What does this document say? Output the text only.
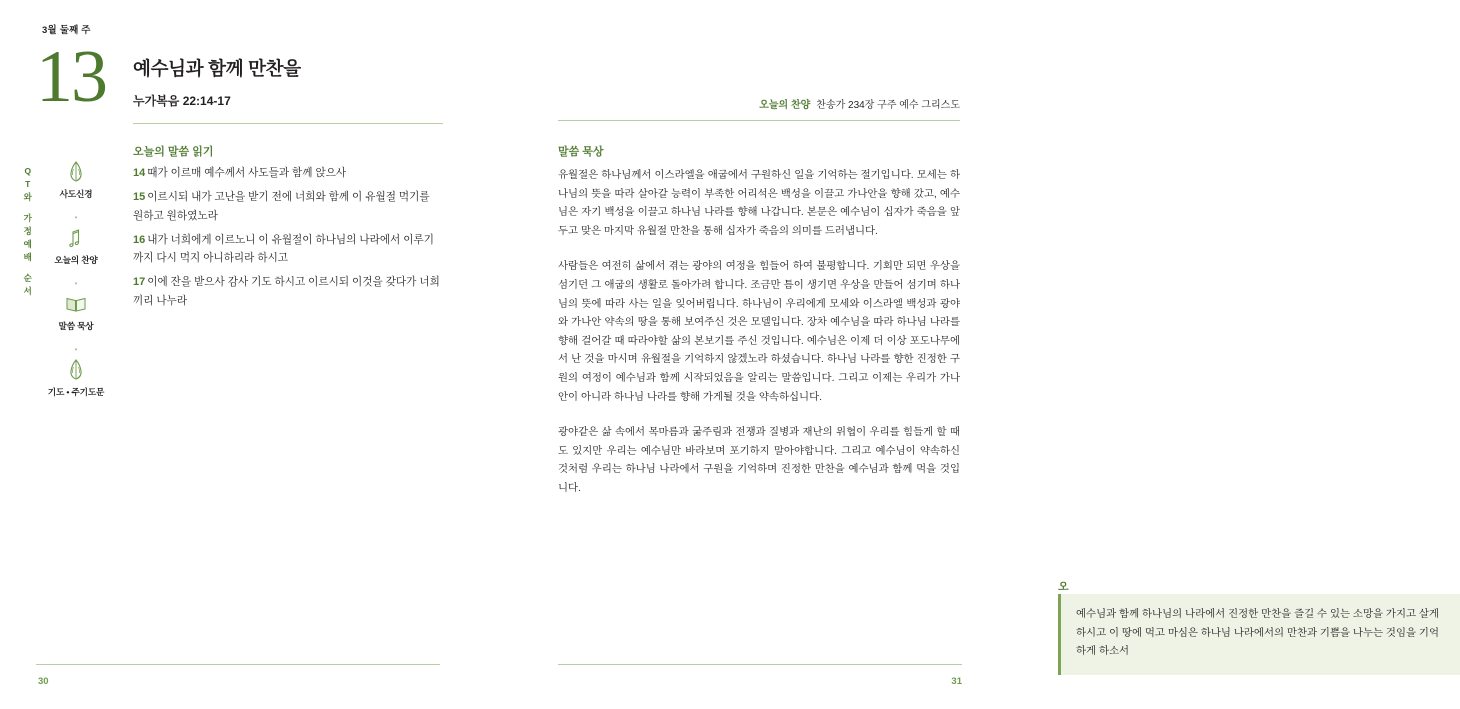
3월 둘째 주
13 예수님과 함께 만찬을
누가복음 22:14-17
Q
T
와

가
정
예
배

순
서
사도신경
•
오늘의 찬양
•
말씀 묵상
•
기도 • 주기도문
오늘의 말씀 읽기
14 때가 이르매 예수께서 사도들과 함께 앉으사
15 이르시되 내가 고난을 받기 전에 너희와 함께 이 유월절 먹기를 원하고 원하였노라
16 내가 너희에게 이르노니 이 유월절이 하나님의 나라에서 이루기까지 다시 먹지 아니하리라 하시고
17 이에 잔을 받으사 감사 기도 하시고 이르시되 이것을 갖다가 너희끼리 나누라
오늘의 찬양 찬송가 234장 구주 예수 그리스도
말씀 묵상

유월절은 하나님께서 이스라엘을 애굽에서 구원하신 일을 기억하는 절기입니다. 모세는 하나님의 뜻을 따라 살아갈 능력이 부족한 어리석은 백성을 이끌고 가나안을 향해 갔고, 예수님은 자기 백성을 이끌고 하나님 나라를 향해 나갑니다. 본문은 예수님이 십자가 죽음을 앞두고 맞은 마지막 유월절 만찬을 통해 십자가 죽음의 의미를 드러냅니다.

사람들은 여전히 삶에서 겪는 광야의 여정을 힘들어 하여 불평합니다. 기회만 되면 우상을 섬기던 그 애굽의 생활로 돌아가려 합니다. 조금만 틈이 생기면 우상을 만들어 섬기며 하나님의 뜻에 따라 사는 일을 잊어버립니다. 하나님이 우리에게 모세와 이스라엘 백성과 광야와 가나안 약속의 땅을 통해 보여주신 것은 모델입니다. 장차 예수님을 따라 하나님 나라를 향해 걸어갈 때 따라야할 삶의 본보기를 주신 것입니다. 예수님은 이제 더 이상 포도나무에서 난 것을 마시며 유월절을 기억하지 않겠노라 하셨습니다. 하나님 나라를 향한 진정한 구원의 여정이 예수님과 함께 시작되었음을 알리는 말씀입니다. 그리고 이제는 우리가 가나안이 아니라 하나님 나라를 향해 가게될 것을 약속하십니다.

광야같은 삶 속에서 목마름과 굶주림과 전쟁과 질병과 재난의 위협이 우리를 힘들게 할 때도 있지만 우리는 예수님만 바라보며 포기하지 말아야합니다. 그리고 예수님이 약속하신 것처럼 우리는 하나님 나라에서 구원을 기억하며 진정한 만찬을 예수님과 함께 먹을 것입니다.

오
예수님과 함께 하나님의 나라에서 진정한 만찬을 즐길 수 있는 소망을 가지고 살게 하시고 이 땅에 먹고 마심은 하나님 나라에서의 만찬과 기쁨을 나누는 것임을 기억하게 하소서
30	31
